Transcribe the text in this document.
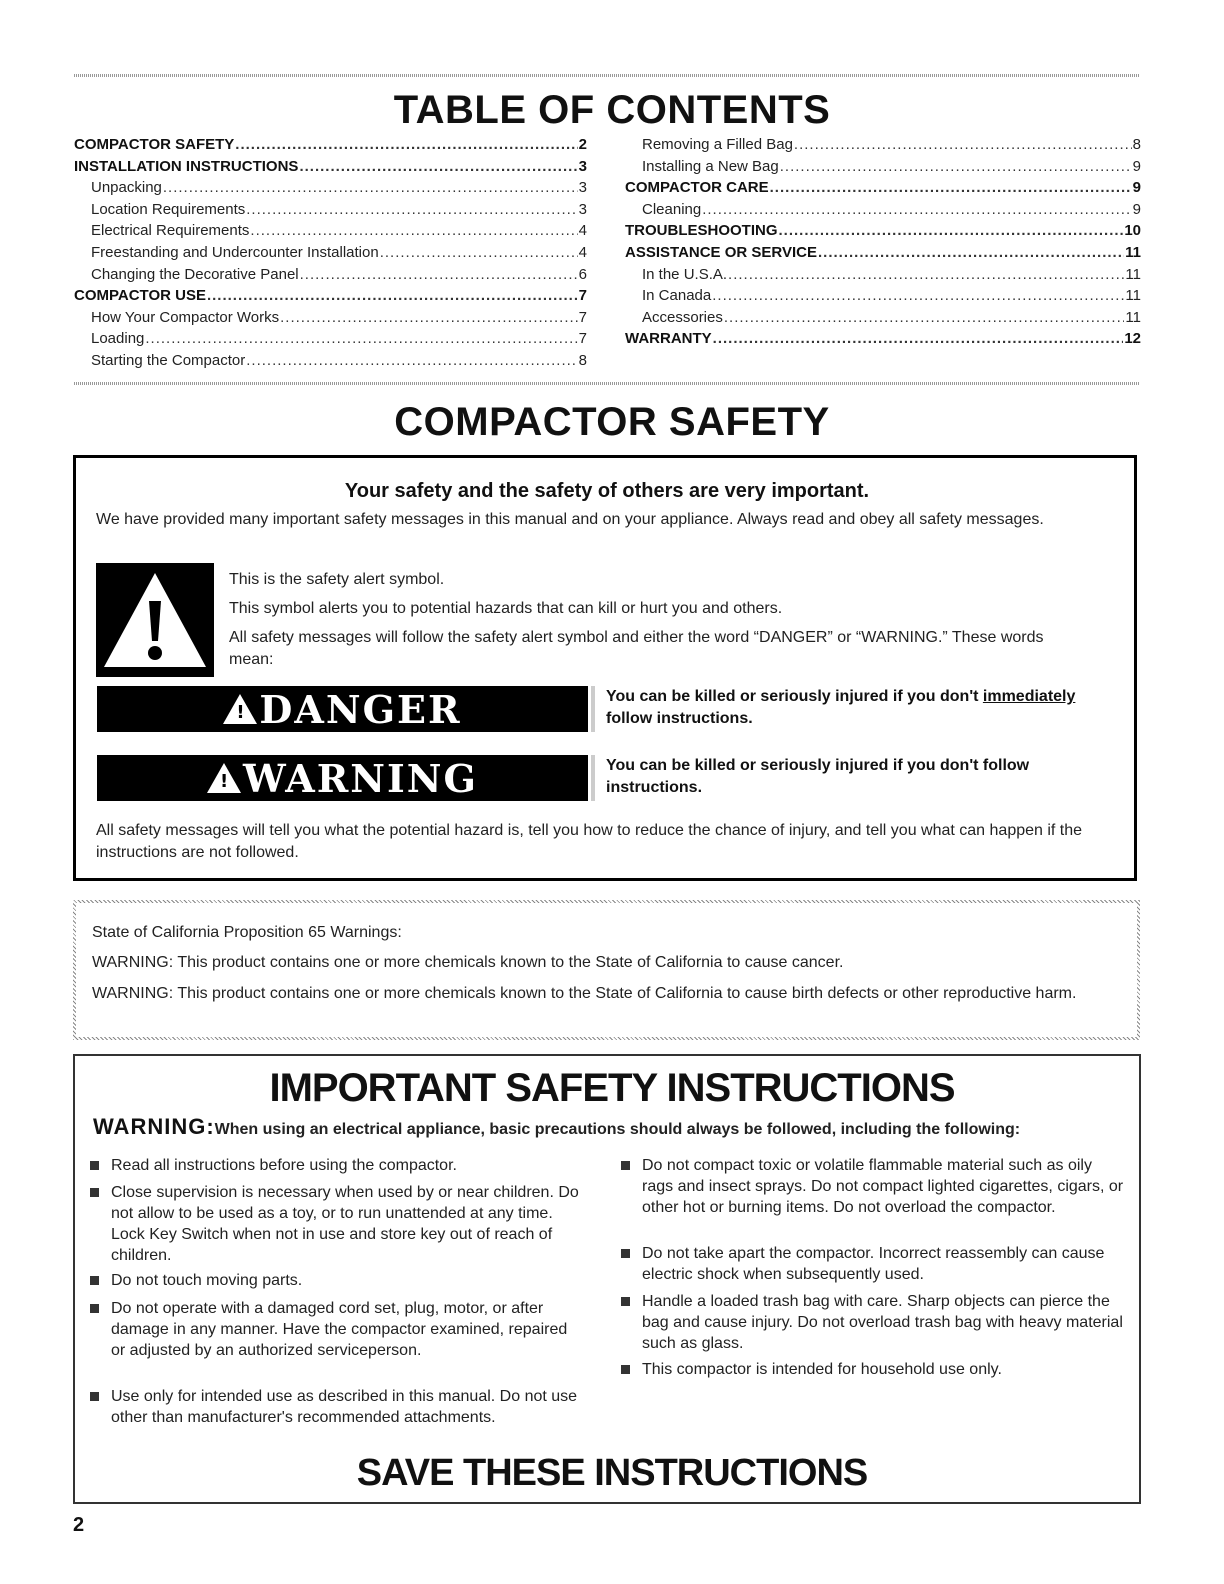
TABLE OF CONTENTS
COMPACTOR SAFETY .....	2
INSTALLATION INSTRUCTIONS .....	3
Unpacking .....	3
Location Requirements .....	3
Electrical Requirements .....	4
Freestanding and Undercounter Installation .....	4
Changing the Decorative Panel .....	6
COMPACTOR USE .....	7
How Your Compactor Works .....	7
Loading .....	7
Starting the Compactor .....	8
Removing a Filled Bag .....	8
Installing a New Bag .....	9
COMPACTOR CARE .....	9
Cleaning .....	9
TROUBLESHOOTING .....	10
ASSISTANCE OR SERVICE .....	11
In the U.S.A. .....	11
In Canada .....	11
Accessories .....	11
WARRANTY .....	12
COMPACTOR SAFETY
Your safety and the safety of others are very important.
We have provided many important safety messages in this manual and on your appliance. Always read and obey all safety messages.
This is the safety alert symbol.
This symbol alerts you to potential hazards that can kill or hurt you and others.
All safety messages will follow the safety alert symbol and either the word “DANGER” or “WARNING.” These words mean:
!
DANGER	You can be killed or seriously injured if you don't immediately
follow instructions.
!
WARNING	You can be killed or seriously injured if you don't follow instructions.
All safety messages will tell you what the potential hazard is, tell you how to reduce the chance of injury, and tell you what can happen if the instructions are not followed.
State of California Proposition 65 Warnings:
WARNING: This product contains one or more chemicals known to the State of California to cause cancer.
WARNING: This product contains one or more chemicals known to the State of California to cause birth defects or other reproductive harm.
IMPORTANT SAFETY INSTRUCTIONS
WARNING:When using an electrical appliance, basic precautions should always be followed, including the following:
Read all instructions before using the compactor.
Close supervision is necessary when used by or near children. Do not allow to be used as a toy, or to run unattended at any time. Lock Key Switch when not in use and store key out of reach of children.
Do not touch moving parts.
Do not operate with a damaged cord set, plug, motor, or after damage in any manner. Have the compactor examined, repaired or adjusted by an authorized serviceperson.
Use only for intended use as described in this manual. Do not use other than manufacturer's recommended attachments.
Do not compact toxic or volatile flammable material such as oily rags and insect sprays. Do not compact lighted cigarettes, cigars, or other hot or burning items. Do not overload the compactor.
Do not take apart the compactor. Incorrect reassembly can cause electric shock when subsequently used.
Handle a loaded trash bag with care. Sharp objects can pierce the bag and cause injury. Do not overload trash bag with heavy material such as glass.
This compactor is intended for household use only.
SAVE THESE INSTRUCTIONS
2
